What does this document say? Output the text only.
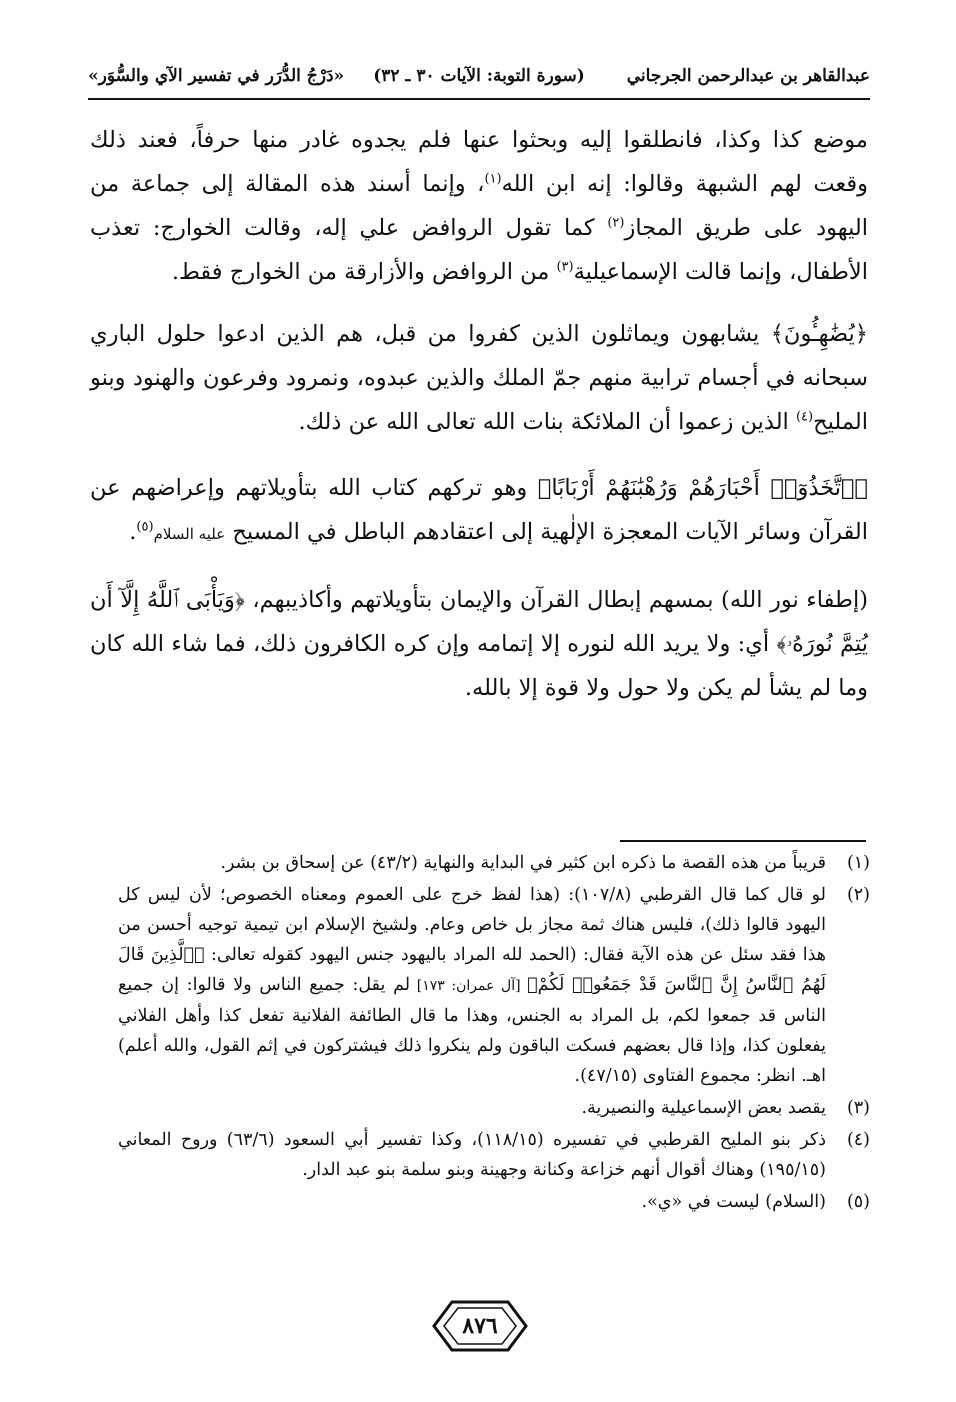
عبدالقاهر بن عبدالرحمن الجرجاني
(سورة التوبة: الآيات ٣٠ ـ ٣٢)
«دَرْجُ الدُّرَر في تفسير الآي والسُّوَر»

موضع كذا وكذا، فانطلقوا إليه وبحثوا عنها فلم يجدوه غادر منها حرفاً، فعند ذلك وقعت لهم الشبهة وقالوا: إنه ابن الله$^{(١)}$، وإنما أسند هذه المقالة إلى جماعة من اليهود على طريق المجاز$^{(٢)}$ كما تقول الروافض علي إله، وقالت الخوارج: تعذب الأطفال، وإنما قالت الإسماعيلية$^{(٣)}$ من الروافض والأزارقة من الخوارج فقط.

﴿يُضَٰهِـُٔونَ﴾ يشابهون ويماثلون الذين كفروا من قبل، هم الذين ادعوا حلول الباري سبحانه في أجسام ترابية منهم جمّ الملك والذين عبدوه، ونمرود وفرعون والهنود وبنو المليح$^{(٤)}$ الذين زعموا أن الملائكة بنات الله تعالى الله عن ذلك.

﴿ٱتَّخَذُوٓا۟ أَحْبَارَهُمْ وَرُهْبَٰنَهُمْ أَرْبَابًا﴾ وهو تركهم كتاب الله بتأويلاتهم وإعراضهم عن القرآن وسائر الآيات المعجزة الإلٰهية إلى اعتقادهم الباطل في المسيح عليه السلام$^{(٥)}$.

(إطفاء نور الله) بمسهم إبطال القرآن والإيمان بتأويلاتهم وأكاذيبهم، ﴿وَيَأْبَى ٱللَّهُ إِلَّآ أَن يُتِمَّ نُورَهُۥ﴾ أي: ولا يريد الله لنوره إلا إتمامه وإن كره الكافرون ذلك، فما شاء الله كان وما لم يشأ لم يكن ولا حول ولا قوة إلا بالله.

(١)
قريباً من هذه القصة ما ذكره ابن كثير في البداية والنهاية (٤٣/٢) عن إسحاق بن بشر.
(٢)
لو قال كما قال القرطبي (١٠٧/٨): (هذا لفظ خرج على العموم ومعناه الخصوص؛ لأن ليس كل اليهود قالوا ذلك)، فليس هناك ثمة مجاز بل خاص وعام. ولشيخ الإسلام ابن تيمية توجيه أحسن من هذا فقد سئل عن هذه الآية فقال: (الحمد لله المراد باليهود جنس اليهود كقوله تعالى: ﴿ٱلَّذِينَ قَالَ لَهُمُ ٱلنَّاسُ إِنَّ ٱلنَّاسَ قَدْ جَمَعُوا۟ لَكُمْ﴾ [آل عمران: ١٧٣] لم يقل: جميع الناس ولا قالوا: إن جميع الناس قد جمعوا لكم، بل المراد به الجنس، وهذا ما قال الطائفة الفلانية تفعل كذا وأهل الفلاني يفعلون كذا، وإذا قال بعضهم فسكت الباقون ولم ينكروا ذلك فيشتركون في إثم القول، والله أعلم) اهـ. انظر: مجموع الفتاوى (٤٧/١٥).
(٣)
يقصد بعض الإسماعيلية والنصيرية.
(٤)
ذكر بنو المليح القرطبي في تفسيره (١١٨/١٥)، وكذا تفسير أبي السعود (٦٣/٦) وروح المعاني (١٩٥/١٥) وهناك أقوال أنهم خزاعة وكنانة وجهينة وبنو سلمة بنو عبد الدار.
(٥)
(السلام) ليست في «ي».
٨٧٦
